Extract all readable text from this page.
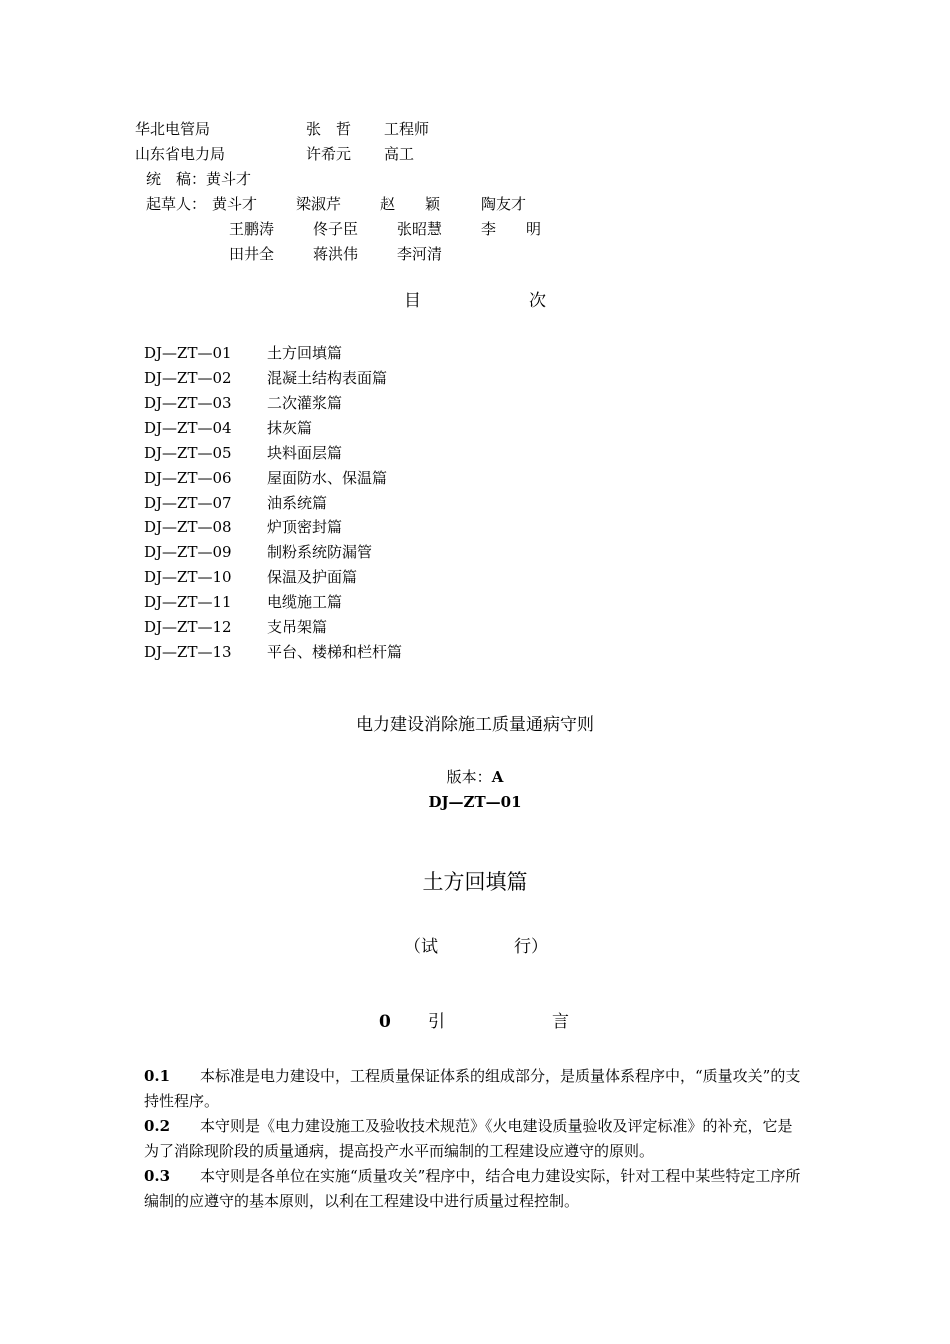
华北电管局	张　哲 工程师
山东省电力局	许希元 高工
统　稿：黄斗才
起草人： 黄斗才	梁淑芹	赵　　颖	陶友才
王鹏涛	佟子臣	张昭慧	李　　明
田井全	蒋洪伟	李河清
目	次
DJ—ZT—01 土方回填篇
DJ—ZT—02 混凝土结构表面篇
DJ—ZT—03 二次灌浆篇
DJ—ZT—04 抹灰篇
DJ—ZT—05 块料面层篇
DJ—ZT—06 屋面防水、保温篇
DJ—ZT—07 油系统篇
DJ—ZT—08 炉顶密封篇
DJ—ZT—09 制粉系统防漏管
DJ—ZT—10 保温及护面篇
DJ—ZT—11 电缆施工篇
DJ—ZT—12 支吊架篇
DJ—ZT—13 平台、楼梯和栏杆篇
电力建设消除施工质量通病守则
版本：A
DJ—ZT—01
土方回填篇
（试	行）
0 引	言
0.1 本标准是电力建设中，工程质量保证体系的组成部分，是质量体系程序中，“质量攻关”的支持性程序。
0.2 本守则是《电力建设施工及验收技术规范》《火电建设质量验收及评定标准》的补充，它是为了消除现阶段的质量通病，提高投产水平而编制的工程建设应遵守的原则。
0.3 本守则是各单位在实施“质量攻关”程序中，结合电力建设实际，针对工程中某些特定工序所编制的应遵守的基本原则，以利在工程建设中进行质量过程控制。
